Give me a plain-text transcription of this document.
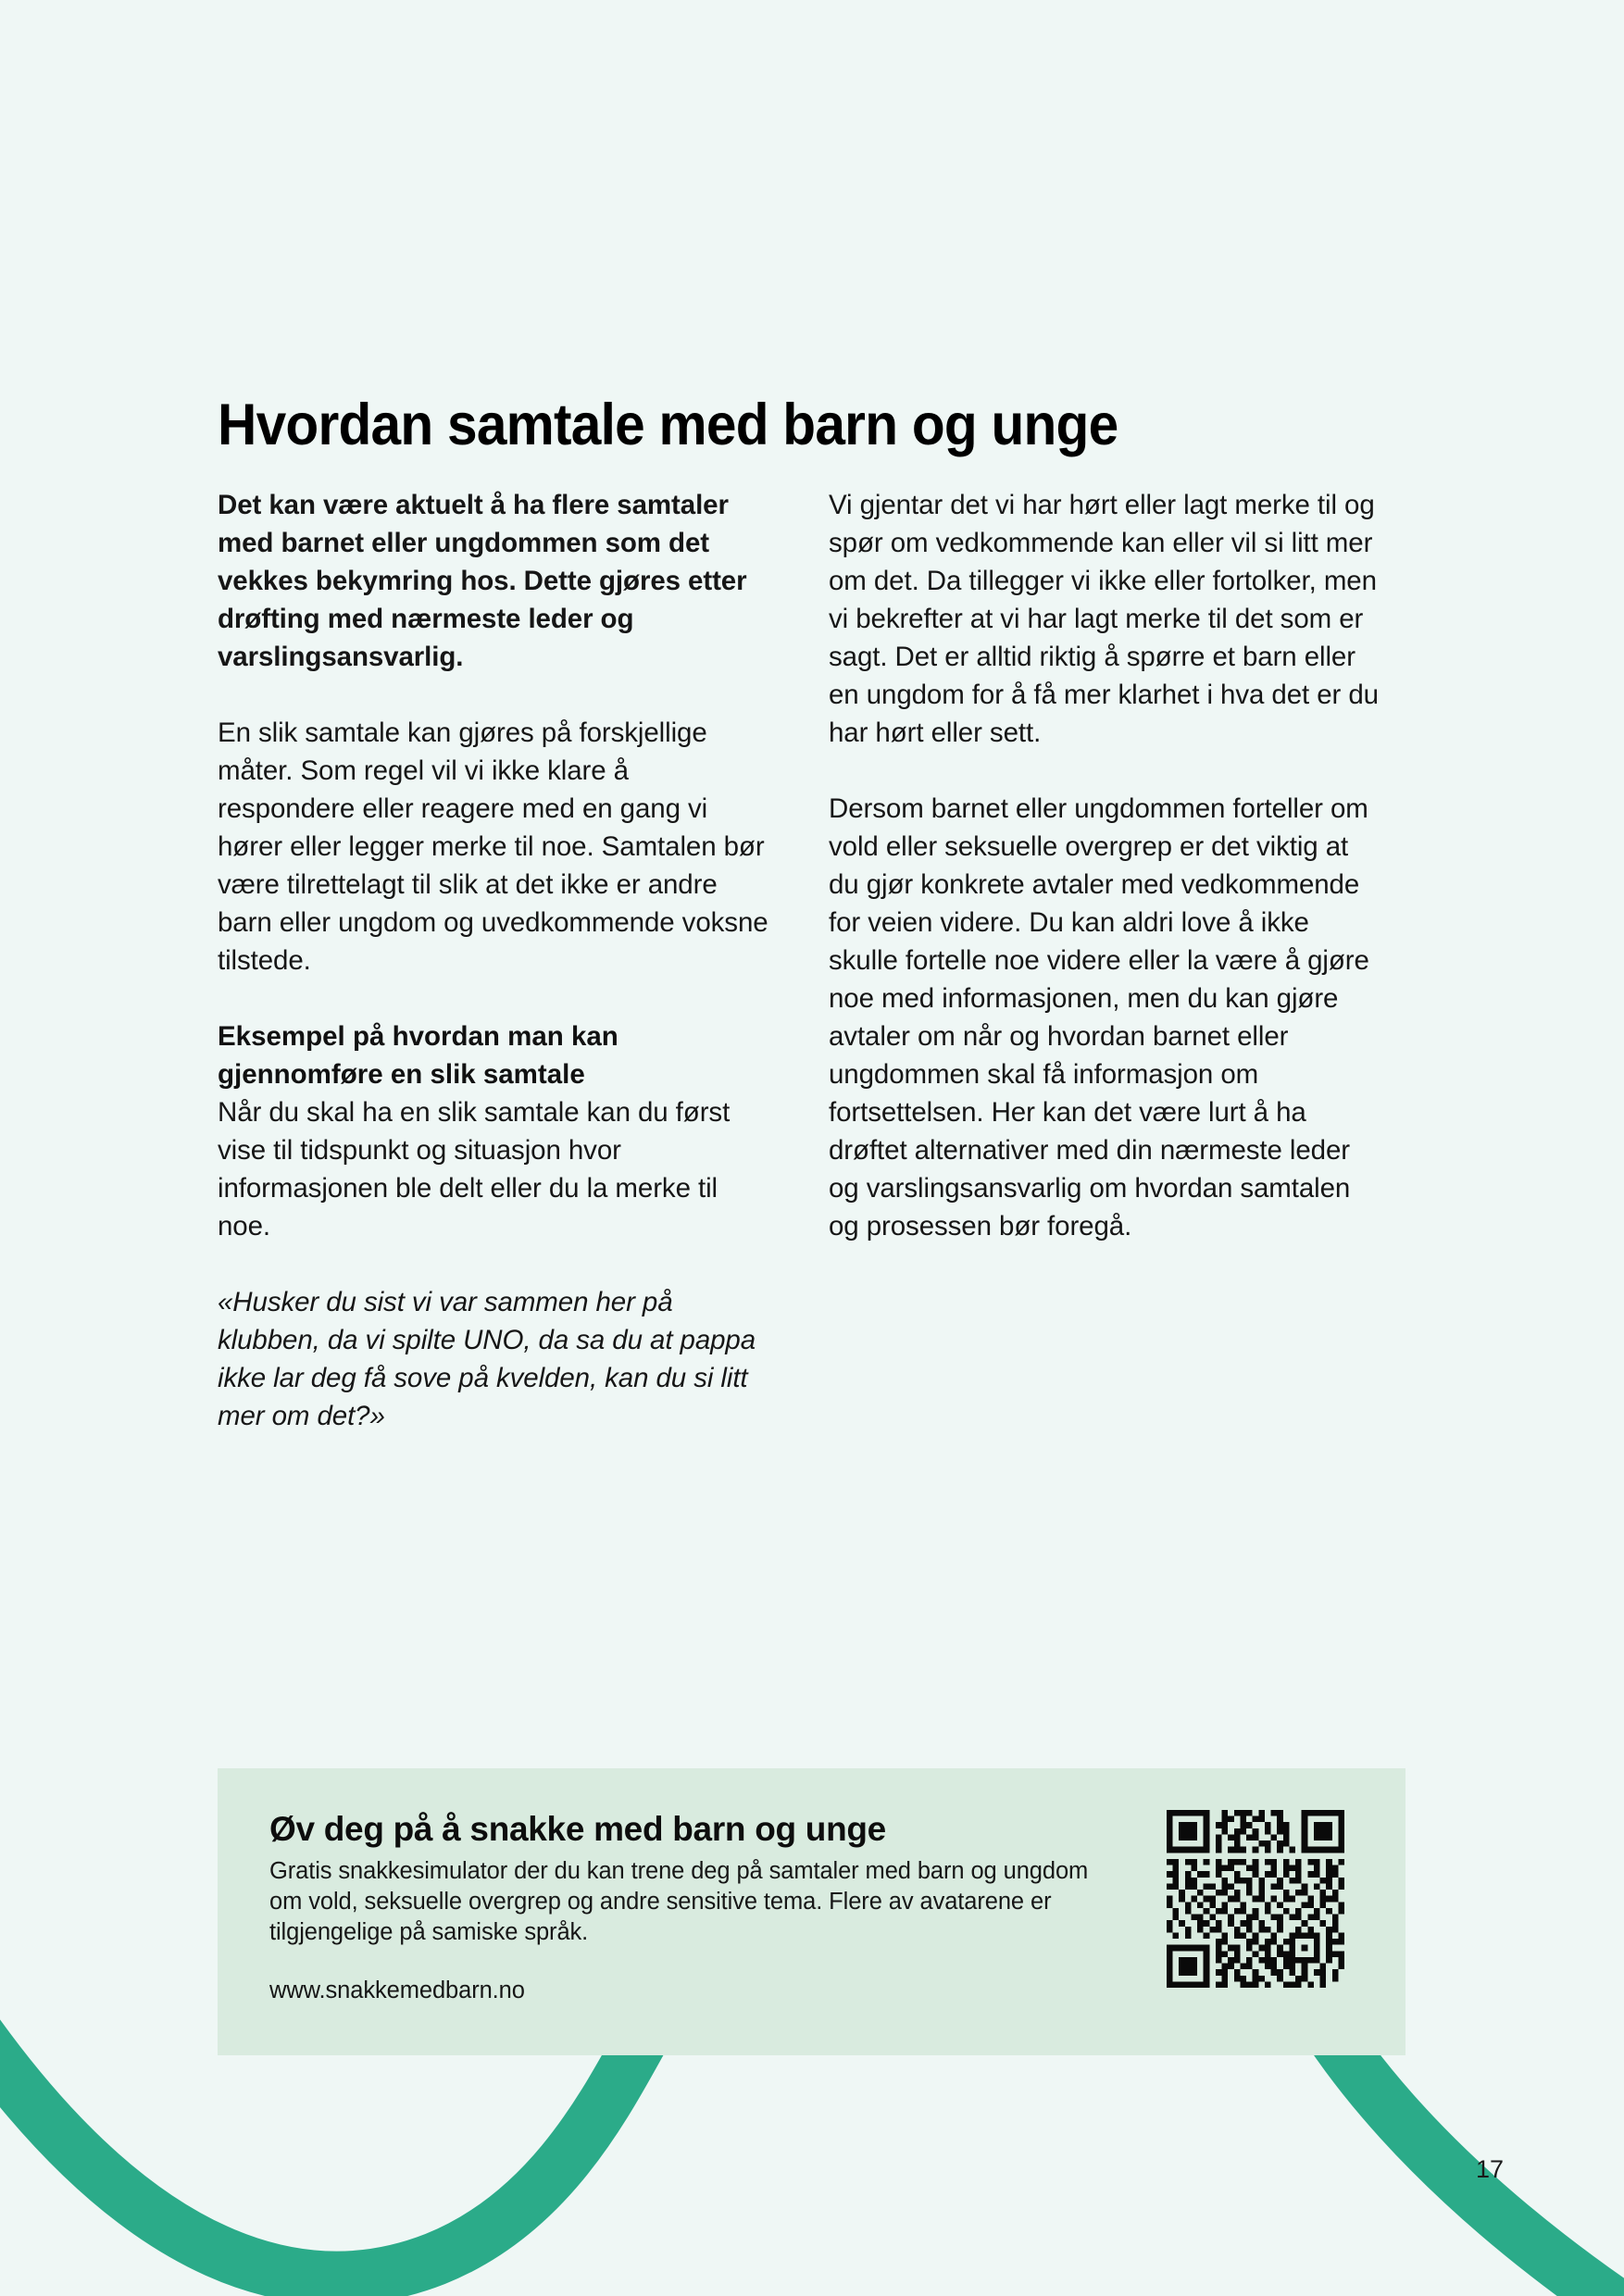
Hvordan samtale med barn og unge

Det kan være aktuelt å ha flere samtaler med barnet eller ungdommen som det vekkes bekymring hos. Dette gjøres etter drøfting med nærmeste leder og varslingsansvarlig.

En slik samtale kan gjøres på forskjellige måter. Som regel vil vi ikke klare å respondere eller reagere med en gang vi hører eller legger merke til noe. Samtalen bør være tilrettelagt til slik at det ikke er andre barn eller ungdom og uvedkommende voksne tilstede.

Eksempel på hvordan man kan gjennomføre en slik samtale

Når du skal ha en slik samtale kan du først vise til tidspunkt og situasjon hvor informasjonen ble delt eller du la merke til noe.

«Husker du sist vi var sammen her på klubben, da vi spilte UNO, da sa du at pappa ikke lar deg få sove på kvelden, kan du si litt mer om det?»

Vi gjentar det vi har hørt eller lagt merke til og spør om vedkommende kan eller vil si litt mer om det. Da tillegger vi ikke eller fortolker, men vi bekrefter at vi har lagt merke til det som er sagt. Det er alltid riktig å spørre et barn eller en ungdom for å få mer klarhet i hva det er du har hørt eller sett.

Dersom barnet eller ungdommen forteller om vold eller seksuelle overgrep er det viktig at du gjør konkrete avtaler med vedkommende for veien videre. Du kan aldri love å ikke skulle fortelle noe videre eller la være å gjøre noe med informasjonen, men du kan gjøre avtaler om når og hvordan barnet eller ungdommen skal få informasjon om fortsettelsen. Her kan det være lurt å ha drøftet alternativer med din nærmeste leder og varslingsansvarlig om hvordan samtalen og prosessen bør foregå.

Øv deg på å snakke med barn og unge

Gratis snakkesimulator der du kan trene deg på samtaler med barn og ungdom om vold, seksuelle overgrep og andre sensitive tema. Flere av avatarene er tilgjengelige på samiske språk.

www.snakkemedbarn.no

17
